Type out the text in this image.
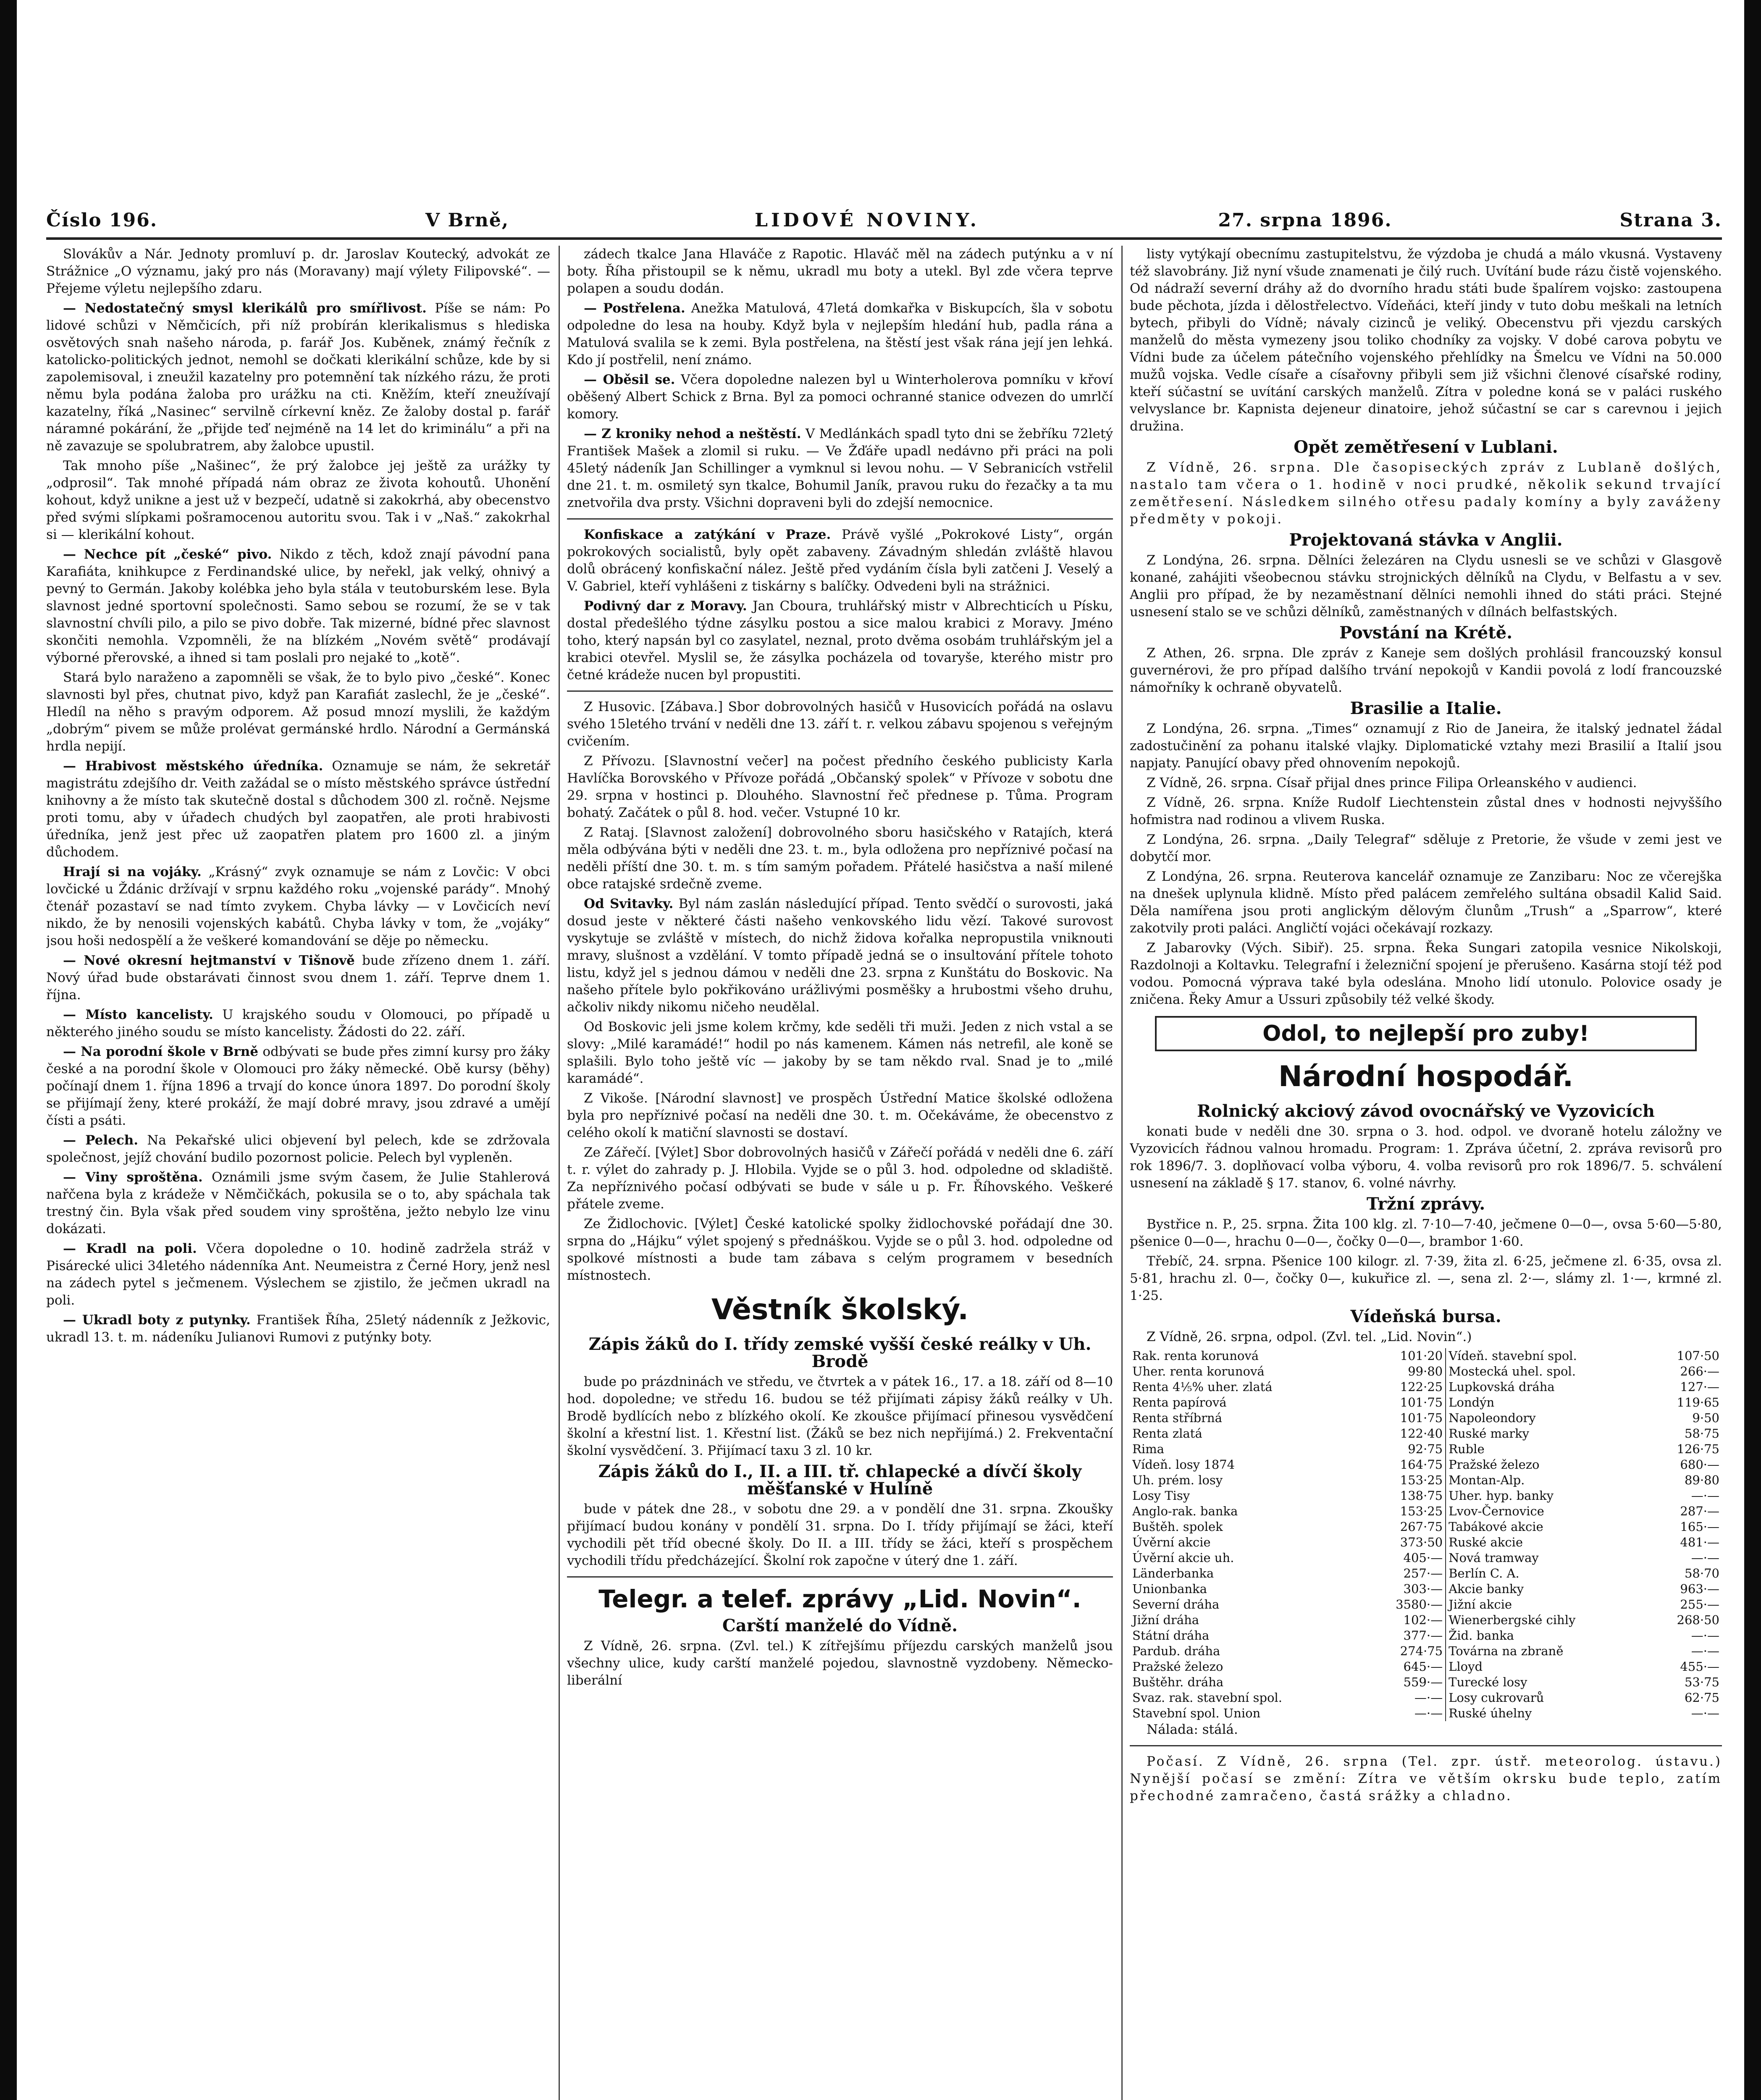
Číslo 196.	V Brně,	LIDOVÉ NOVINY.	27. srpna 1896.	Strana 3.

Slovákův a Nár. Jednoty promluví p. dr. Jaroslav Koutecký, advokát ze Strážnice „O významu, jaký pro nás (Moravany) mají výlety Filipovské“. — Přejeme výletu nejlepšího zdaru.

— Nedostatečný smysl klerikálů pro smířlivost. Píše se nám: Po lidové schůzi v Němčicích, při níž probírán klerikalismus s hlediska osvětových snah našeho národa, p. farář Jos. Kuběnek, známý řečník z katolicko-politických jednot, nemohl se dočkati klerikální schůze, kde by si zapolemisoval, i zneužil kazatelny pro potemnění tak nízkého rázu, že proti němu byla podána žaloba pro urážku na cti. Kněžím, kteří zneužívají kazatelny, říká „Nasinec“ servilně církevní kněz. Ze žaloby dostal p. farář náramné pokárání, že „přijde teď nejméně na 14 let do kriminálu“ a při na ně zavazuje se spolubratrem, aby žalobce upustil.

Tak mnoho píše „Našinec“, že prý žalobce jej ještě za urážky ty „odprosil“. Tak mnohé případá nám obraz ze života kohoutů. Uhonění kohout, když unikne a jest už v bezpečí, udatně si zakokrhá, aby obecenstvo před svými slípkami pošramocenou autoritu svou. Tak i v „Naš.“ zakokrhal si — klerikální kohout.

— Nechce pít „české“ pivo. Nikdo z těch, kdož znají pávodní pana Karafiáta, knihkupce z Ferdinandské ulice, by neřekl, jak velký, ohnivý a pevný to Germán. Jakoby kolébka jeho byla stála v teutoburském lese. Byla slavnost jedné sportovní společnosti. Samo sebou se rozumí, že se v tak slavnostní chvíli pilo, a pilo se pivo dobře. Tak mizerné, bídné přec slavnost skončiti nemohla. Vzpomněli, že na blízkém „Novém světě“ prodávají výborné přerovské, a ihned si tam poslali pro nejaké to „kotě“.

Stará bylo naraženo a zapomněli se však, že to bylo pivo „české“. Konec slavnosti byl přes, chutnat pivo, když pan Karafiát zaslechl, že je „české“. Hledíl na něho s pravým odporem. Až posud mnozí myslili, že každým „dobrým“ pivem se může prolévat germánské hrdlo. Národní a Germánská hrdla nepijí.

— Hrabivost městského úředníka. Oznamuje se nám, že sekretář magistrátu zdejšího dr. Veith zažádal se o místo městského správce ústřední knihovny a že místo tak skutečně dostal s důchodem 300 zl. ročně. Nejsme proti tomu, aby v úřadech chudých byl zaopatřen, ale proti hrabivosti úředníka, jenž jest přec už zaopatřen platem pro 1600 zl. a jiným důchodem.

Hrají si na vojáky. „Krásný“ zvyk oznamuje se nám z Lovčic: V obci lovčické u Ždánic držívají v srpnu každého roku „vojenské parády“. Mnohý čtenář pozastaví se nad tímto zvykem. Chyba lávky — v Lovčicích neví nikdo, že by nenosili vojenských kabátů. Chyba lávky v tom, že „vojáky“ jsou hoši nedospělí a že veškeré komandování se děje po německu.

— Nové okresní hejtmanství v Tišnově bude zřízeno dnem 1. září. Nový úřad bude obstarávati činnost svou dnem 1. září. Teprve dnem 1. října.

— Místo kancelisty. U krajského soudu v Olomouci, po případě u některého jiného soudu se místo kancelisty. Žádosti do 22. září.

— Na porodní škole v Brně odbývati se bude přes zimní kursy pro žáky české a na porodní škole v Olomouci pro žáky německé. Obě kursy (běhy) počínají dnem 1. října 1896 a trvají do konce února 1897. Do porodní školy se přijímají ženy, které prokáží, že mají dobré mravy, jsou zdravé a umějí čísti a psáti.

— Pelech. Na Pekařské ulici objevení byl pelech, kde se zdržovala společnost, jejíž chování budilo pozornost policie. Pelech byl vypleněn.

— Viny sproštěna. Oznámili jsme svým časem, že Julie Stahlerová nařčena byla z krádeže v Němčičkách, pokusila se o to, aby spáchala tak trestný čin. Byla však před soudem viny sproštěna, ježto nebylo lze vinu dokázati.

— Kradl na poli. Včera dopoledne o 10. hodině zadržela stráž v Pisárecké ulici 34letého nádenníka Ant. Neumeistra z Černé Hory, jenž nesl na zádech pytel s ječmenem. Výslechem se zjistilo, že ječmen ukradl na poli.

— Ukradl boty z putynky. František Říha, 25letý nádenník z Ježkovic, ukradl 13. t. m. nádeníku Julianovi Rumovi z putýnky boty.

zádech tkalce Jana Hlaváče z Rapotic. Hlaváč měl na zádech putýnku a v ní boty. Říha přistoupil se k němu, ukradl mu boty a utekl. Byl zde včera teprve polapen a soudu dodán.

— Postřelena. Anežka Matulová, 47letá domkařka v Biskupcích, šla v sobotu odpoledne do lesa na houby. Když byla v nejlepším hledání hub, padla rána a Matulová svalila se k zemi. Byla postřelena, na štěstí jest však rána její jen lehká. Kdo jí postřelil, není známo.

— Oběsil se. Včera dopoledne nalezen byl u Winterholerova pomníku v křoví oběšený Albert Schick z Brna. Byl za pomoci ochranné stanice odvezen do umrlčí komory.

— Z kroniky nehod a neštěstí. V Medlánkách spadl tyto dni se žebříku 72letý František Mašek a zlomil si ruku. — Ve Žďáře upadl nedávno při práci na poli 45letý nádeník Jan Schillinger a vymknul si levou nohu. — V Sebranicích vstřelil dne 21. t. m. osmiletý syn tkalce, Bohumil Janík, pravou ruku do řezačky a ta mu znetvořila dva prsty. Všichni dopraveni byli do zdejší nemocnice.

Konfiskace a zatýkání v Praze. Právě vyšlé „Pokrokové Listy“, orgán pokrokových socialistů, byly opět zabaveny. Závadným shledán zvláště hlavou dolů obrácený konfiskační nález. Ještě před vydáním čísla byli zatčeni J. Veselý a V. Gabriel, kteří vyhlášeni z tiskárny s balíčky. Odvedeni byli na strážnici.

Podivný dar z Moravy. Jan Cboura, truhlářský mistr v Albrechticích u Písku, dostal předešlého týdne zásylku postou a sice malou krabici z Moravy. Jméno toho, který napsán byl co zasylatel, neznal, proto dvěma osobám truhlářským jel a krabici otevřel. Myslil se, že zásylka pocházela od tovaryše, kterého mistr pro četné krádeže nucen byl propustiti.

Z Husovic. [Zábava.] Sbor dobrovolných hasičů v Husovicích pořádá na oslavu svého 15letého trvání v neděli dne 13. září t. r. velkou zábavu spojenou s veřejným cvičením.

Z Přívozu. [Slavnostní večer] na počest předního českého publicisty Karla Havlíčka Borovského v Přívoze pořádá „Občanský spolek“ v Přívoze v sobotu dne 29. srpna v hostinci p. Dlouhého. Slavnostní řeč přednese p. Tůma. Program bohatý. Začátek o půl 8. hod. večer. Vstupné 10 kr.

Z Rataj. [Slavnost založení] dobrovolného sboru hasičského v Ratajích, která měla odbývána býti v neděli dne 23. t. m., byla odložena pro nepříznivé počasí na neděli příští dne 30. t. m. s tím samým pořadem. Přátelé hasičstva a naší milené obce ratajské srdečně zveme.

Od Svitavky. Byl nám zaslán následující případ. Tento svědčí o surovosti, jaká dosud jeste v některé části našeho venkovského lidu vězí. Takové surovost vyskytuje se zvláště v místech, do nichž židova kořalka nepropustila vniknouti mravy, slušnost a vzdělání. V tomto případě jedná se o insultování přítele tohoto listu, když jel s jednou dámou v neděli dne 23. srpna z Kunštátu do Boskovic. Na našeho přítele bylo pokřikováno urážlivými posměšky a hrubostmi všeho druhu, ačkoliv nikdy nikomu ničeho neudělal.

Od Boskovic jeli jsme kolem krčmy, kde seděli tři muži. Jeden z nich vstal a se slovy: „Milé karamádé!“ hodil po nás kamenem. Kámen nás netrefil, ale koně se splašili. Bylo toho ještě víc — jakoby by se tam někdo rval. Snad je to „milé karamádé“.

Z Vikoše. [Národní slavnost] ve prospěch Ústřední Matice školské odložena byla pro nepříznivé počasí na neděli dne 30. t. m. Očekáváme, že obecenstvo z celého okolí k matiční slavnosti se dostaví.

Ze Zářečí. [Výlet] Sbor dobrovolných hasičů v Zářečí pořádá v neděli dne 6. září t. r. výlet do zahrady p. J. Hlobila. Vyjde se o půl 3. hod. odpoledne od skladiště. Za nepříznivého počasí odbývati se bude v sále u p. Fr. Říhovského. Veškeré přátele zveme.

Ze Židlochovic. [Výlet] České katolické spolky židlochovské pořádají dne 30. srpna do „Hájku“ výlet spojený s přednáškou. Vyjde se o půl 3. hod. odpoledne od spolkové místnosti a bude tam zábava s celým programem v besedních místnostech.

Věstník školský.
Zápis žáků do I. třídy zemské vyšší české reálky v Uh. Brodě

bude po prázdninách ve středu, ve čtvrtek a v pátek 16., 17. a 18. září od 8—10 hod. dopoledne; ve středu 16. budou se též přijímati zápisy žáků reálky v Uh. Brodě bydlících nebo z blízkého okolí. Ke zkoušce přijímací přinesou vysvědčení školní a křestní list. 1. Křestní list. (Žáků se bez nich nepřijímá.) 2. Frekventační školní vysvědčení. 3. Přijímací taxu 3 zl. 10 kr.

Zápis žáků do I., II. a III. tř. chlapecké a dívčí školy měšťanské v Hulíně

bude v pátek dne 28., v sobotu dne 29. a v pondělí dne 31. srpna. Zkoušky přijímací budou konány v pondělí 31. srpna. Do I. třídy přijímají se žáci, kteří vychodili pět tříd obecné školy. Do II. a III. třídy se žáci, kteří s prospěchem vychodili třídu předcházející. Školní rok započne v úterý dne 1. září.

Telegr. a telef. zprávy „Lid. Novin“.
Carští manželé do Vídně.

Z Vídně, 26. srpna. (Zvl. tel.) K zítřejšímu příjezdu carských manželů jsou všechny ulice, kudy carští manželé pojedou, slavnostně vyzdobeny. Německo-liberální

listy vytýkají obecnímu zastupitelstvu, že výzdoba je chudá a málo vkusná. Vystaveny též slavobrány. Již nyní všude znamenati je čilý ruch. Uvítání bude rázu čistě vojenského. Od nádraží severní dráhy až do dvorního hradu státi bude špalírem vojsko: zastoupena bude pěchota, jízda i dělostřelectvo. Vídeňáci, kteří jindy v tuto dobu meškali na letních bytech, přibyli do Vídně; návaly cizinců je veliký. Obecenstvu při vjezdu carských manželů do města vymezeny jsou toliko chodníky za vojsky. V dobé carova pobytu ve Vídni bude za účelem pátečního vojenského přehlídky na Šmelcu ve Vídni na 50.000 mužů vojska. Vedle císaře a císařovny přibyli sem již všichni členové císařské rodiny, kteří súčastní se uvítání carských manželů. Zítra v poledne koná se v paláci ruského velvyslance br. Kapnista dejeneur dinatoire, jehož súčastní se car s carevnou i jejich družina.

Opět zemětřesení v Lublani.

Z Vídně, 26. srpna. Dle časopiseckých zpráv z Lublaně došlých, nastalo tam včera o 1. hodině v noci prudké, několik sekund trvající zemětřesení. Následkem silného otřesu padaly komíny a byly zaváženy předměty v pokoji.

Projektovaná stávka v Anglii.

Z Londýna, 26. srpna. Dělníci železáren na Clydu usnesli se ve schůzi v Glasgově konané, zahájiti všeobecnou stávku strojnických dělníků na Clydu, v Belfastu a v sev. Anglii pro případ, že by nezaměstnaní dělníci nemohli ihned do státi práci. Stejné usnesení stalo se ve schůzi dělníků, zaměstnaných v dílnách belfastských.

Povstání na Krétě.

Z Athen, 26. srpna. Dle zpráv z Kaneje sem došlých prohlásil francouzský konsul guvernérovi, že pro případ dalšího trvání nepokojů v Kandii povolá z lodí francouzské námořníky k ochraně obyvatelů.

Brasilie a Italie.

Z Londýna, 26. srpna. „Times“ oznamují z Rio de Janeira, že italský jednatel žádal zadostučinění za pohanu italské vlajky. Diplomatické vztahy mezi Brasilií a Italií jsou napjaty. Panující obavy před ohnovením nepokojů.

Z Vídně, 26. srpna. Císař přijal dnes prince Filipa Orleanského v audienci.

Z Vídně, 26. srpna. Kníže Rudolf Liechtenstein zůstal dnes v hodnosti nejvyššího hofmistra nad rodinou a vlivem Ruska.

Z Londýna, 26. srpna. „Daily Telegraf“ sděluje z Pretorie, že všude v zemi jest ve dobytčí mor.

Z Londýna, 26. srpna. Reuterova kancelář oznamuje ze Zanzibaru: Noc ze včerejška na dnešek uplynula klidně. Místo před palácem zemřelého sultána obsadil Kalid Said. Děla namířena jsou proti anglickým dělovým člunům „Trush“ a „Sparrow“, které zakotvily proti paláci. Angličtí vojáci očekávají rozkazy.

Z Jabarovky (Vých. Sibiř). 25. srpna. Řeka Sungari zatopila vesnice Nikolskoji, Razdolnoji a Koltavku. Telegrafní i železniční spojení je přerušeno. Kasárna stojí též pod vodou. Pomocná výprava také byla odeslána. Mnoho lidí utonulo. Polovice osady je zničena. Řeky Amur a Ussuri způsobily též velké škody.

Odol, to nejlepší pro zuby!
Národní hospodář.
Rolnický akciový závod ovocnářský ve Vyzovicích

konati bude v neděli dne 30. srpna o 3. hod. odpol. ve dvoraně hotelu záložny ve Vyzovicích řádnou valnou hromadu. Program: 1. Zpráva účetní, 2. zpráva revisorů pro rok 1896/7. 3. doplňovací volba výboru, 4. volba revisorů pro rok 1896/7. 5. schválení usnesení na základě § 17. stanov, 6. volné návrhy.

Tržní zprávy.

Bystřice n. P., 25. srpna. Žita 100 klg. zl. 7·10—7·40, ječmene 0—0—, ovsa 5·60—5·80, pšenice 0—0—, hrachu 0—0—, čočky 0—0—, brambor 1·60.

Třebíč, 24. srpna. Pšenice 100 kilogr. zl. 7·39, žita zl. 6·25, ječmene zl. 6·35, ovsa zl. 5·81, hrachu zl. 0—, čočky 0—, kukuřice zl. —, sena zl. 2·—, slámy zl. 1·—, krmné zl. 1·25.

Vídeňská bursa.

Z Vídně, 26. srpna, odpol. (Zvl. tel. „Lid. Novin“.)

Rak. renta korunová	101·20	Vídeň. stavební spol.	107·50
Uher. renta korunová	99·80	Mostecká uhel. spol.	266·—
Renta 4⅕% uher. zlatá	122·25	Lupkovská dráha	127·—
Renta papírová	101·75	Londýn	119·65
Renta stříbrná	101·75	Napoleondory	9·50
Renta zlatá	122·40	Ruské marky	58·75
Rima	92·75	Ruble	126·75
Vídeň. losy 1874	164·75	Pražské železo	680·—
Uh. prém. losy	153·25	Montan-Alp.	89·80
Losy Tisy	138·75	Uher. hyp. banky	—·—
Anglo-rak. banka	153·25	Lvov-Černovice	287·—
Buštěh. spolek	267·75	Tabákové akcie	165·—
Úvěrní akcie	373·50	Ruské akcie	481·—
Úvěrní akcie uh.	405·—	Nová tramway	—·—
Länderbanka	257·—	Berlín C. A.	58·70
Unionbanka	303·—	Akcie banky	963·—
Severní dráha	3580·—	Jižní akcie	255·—
Jižní dráha	102·—	Wienerbergské cihly	268·50
Státní dráha	377·—	Žid. banka	—·—
Pardub. dráha	274·75	Továrna na zbraně	—·—
Pražské železo	645·—	Lloyd	455·—
Buštěhr. dráha	559·—	Turecké losy	53·75
Svaz. rak. stavební spol.	—·—	Losy cukrovarů	62·75
Stavební spol. Union	—·—	Ruské úhelny	—·—

Nálada: stálá.

Počasí. Z Vídně, 26. srpna (Tel. zpr. ústř. meteorolog. ústavu.) Nynější počasí se změní: Zítra ve větším okrsku bude teplo, zatím přechodné zamračeno, častá srážky a chladno.
